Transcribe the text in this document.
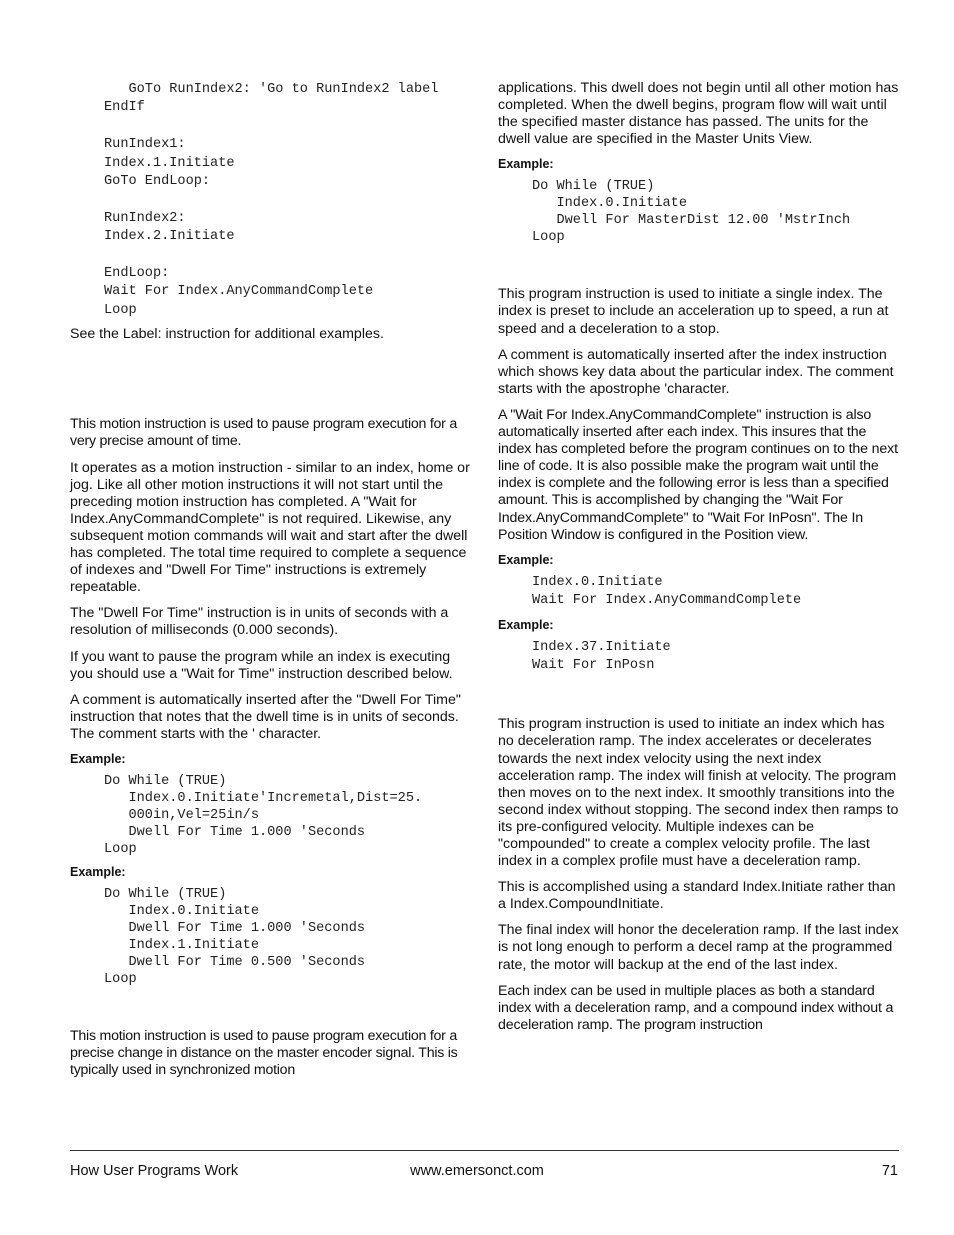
GoTo RunIndex2: 'Go to RunIndex2 label
EndIf

RunIndex1:
Index.1.Initiate
GoTo EndLoop:

RunIndex2:
Index.2.Initiate

EndLoop:
Wait For Index.AnyCommandComplete
Loop

See the Label: instruction for additional examples.

This motion instruction is used to pause program execution for a very precise amount of time.

It operates as a motion instruction - similar to an index, home or jog. Like all other motion instructions it will not start until the preceding motion instruction has completed. A "Wait for Index.AnyCommandComplete" is not required. Likewise, any subsequent motion commands will wait and start after the dwell has completed. The total time required to complete a sequence of indexes and "Dwell For Time" instructions is extremely repeatable.

The "Dwell For Time" instruction is in units of seconds with a resolution of milliseconds (0.000 seconds).

If you want to pause the program while an index is executing you should use a "Wait for Time" instruction described below.

A comment is automatically inserted after the "Dwell For Time" instruction that notes that the dwell time is in units of seconds. The comment starts with the ' character.

Example:

Do While (TRUE)
Index.0.Initiate'Incremetal,Dist=25.
000in,Vel=25in/s
Dwell For Time 1.000 'Seconds
Loop

Example:

Do While (TRUE)
Index.0.Initiate
Dwell For Time 1.000 'Seconds
Index.1.Initiate
Dwell For Time 0.500 'Seconds
Loop

This motion instruction is used to pause program execution for a precise change in distance on the master encoder signal. This is typically used in synchronized motion

applications. This dwell does not begin until all other motion has completed. When the dwell begins, program flow will wait until the specified master distance has passed. The units for the dwell value are specified in the Master Units View.

Example:

Do While (TRUE)
Index.0.Initiate
Dwell For MasterDist 12.00 'MstrInch
Loop

This program instruction is used to initiate a single index. The index is preset to include an acceleration up to speed, a run at speed and a deceleration to a stop.

A comment is automatically inserted after the index instruction which shows key data about the particular index. The comment starts with the apostrophe 'character.

A "Wait For Index.AnyCommandComplete" instruction is also automatically inserted after each index. This insures that the index has completed before the program continues on to the next line of code. It is also possible make the program wait until the index is complete and the following error is less than a specified amount. This is accomplished by changing the "Wait For Index.AnyCommandComplete" to "Wait For InPosn". The In Position Window is configured in the Position view.

Example:

Index.0.Initiate
Wait For Index.AnyCommandComplete

Example:

Index.37.Initiate
Wait For InPosn

This program instruction is used to initiate an index which has no deceleration ramp. The index accelerates or decelerates towards the next index velocity using the next index acceleration ramp. The index will finish at velocity. The program then moves on to the next index. It smoothly transitions into the second index without stopping. The second index then ramps to its pre-configured velocity. Multiple indexes can be "compounded" to create a complex velocity profile. The last index in a complex profile must have a deceleration ramp.

This is accomplished using a standard Index.Initiate rather than a Index.CompoundInitiate.

The final index will honor the deceleration ramp. If the last index is not long enough to perform a decel ramp at the programmed rate, the motor will backup at the end of the last index.

Each index can be used in multiple places as both a standard index with a deceleration ramp, and a compound index without a deceleration ramp. The program instruction

How User Programs Work	www.emersonct.com	71
